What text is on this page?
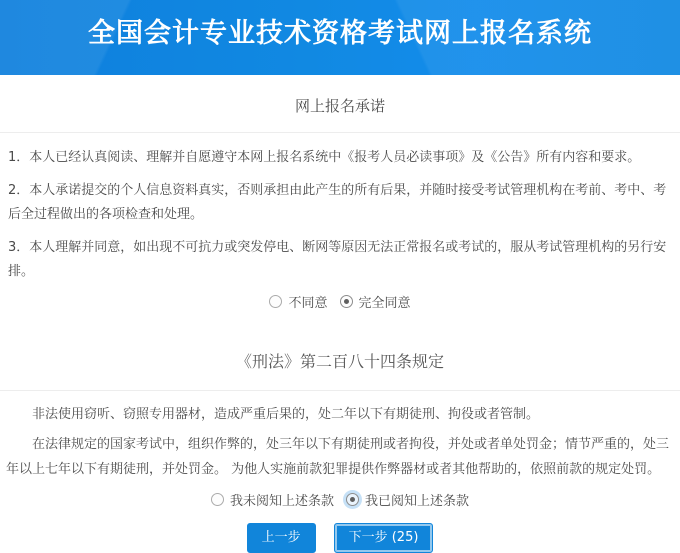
全国会计专业技术资格考试网上报名系统
网上报名承诺

1．本人已经认真阅读、理解并自愿遵守本网上报名系统中《报考人员必读事项》及《公告》所有内容和要求。

2．本人承诺提交的个人信息资料真实，否则承担由此产生的所有后果，并随时接受考试管理机构在考前、考中、考后全过程做出的各项检查和处理。

3．本人理解并同意，如出现不可抗力或突发停电、断网等原因无法正常报名或考试的，服从考试管理机构的另行安排。

不同意 完全同意
《刑法》第二百八十四条规定

非法使用窃听、窃照专用器材，造成严重后果的，处二年以下有期徒刑、拘役或者管制。

在法律规定的国家考试中，组织作弊的，处三年以下有期徒刑或者拘役，并处或者单处罚金；情节严重的，处三年以上七年以下有期徒刑，并处罚金。 为他人实施前款犯罪提供作弊器材或者其他帮助的，依照前款的规定处罚。

我未阅知上述条款 我已阅知上述条款
上一步	下一步 (25)
